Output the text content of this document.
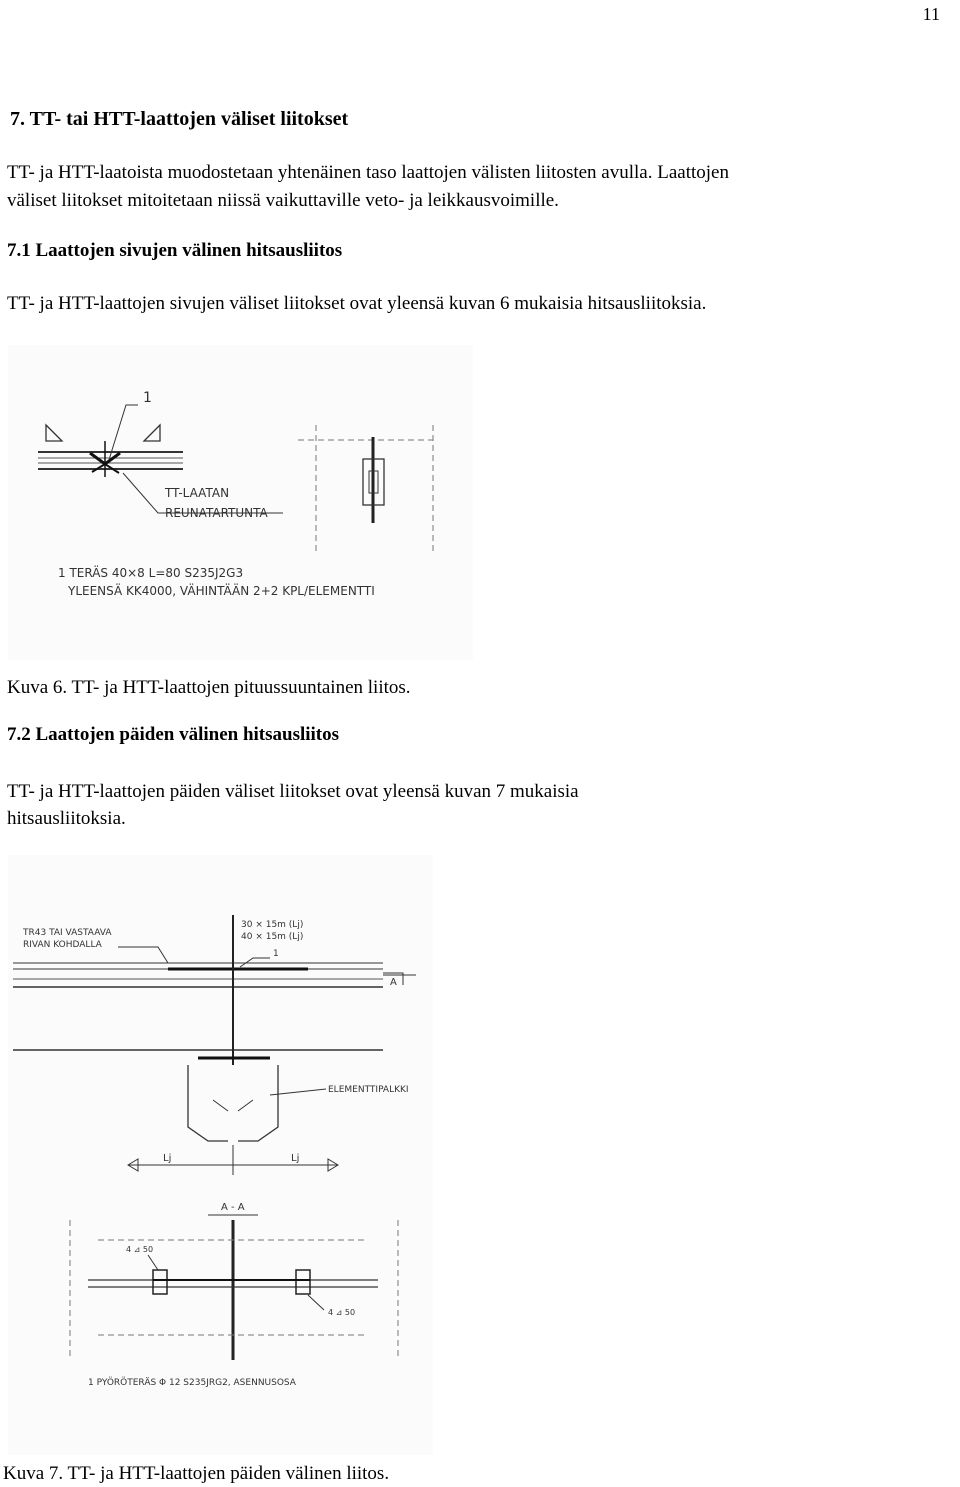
11
7. TT- tai HTT-laattojen väliset liitokset
TT- ja HTT-laatoista muodostetaan yhtenäinen taso laattojen välisten liitosten avulla. Laattojen
väliset liitokset mitoitetaan niissä vaikuttaville veto- ja leikkausvoimille.
7.1 Laattojen sivujen välinen hitsausliitos
TT- ja HTT-laattojen sivujen väliset liitokset ovat yleensä kuvan 6 mukaisia hitsausliitoksia.
1
TT-LAATAN
REUNATARTUNTA
1 TERÄS 40×8 L=80 S235J2G3
YLEENSÄ KK4000, VÄHINTÄÄN 2+2 KPL/ELEMENTTI
Kuva 6. TT- ja HTT-laattojen pituussuuntainen liitos.
7.2 Laattojen päiden välinen hitsausliitos
TT- ja HTT-laattojen päiden väliset liitokset ovat yleensä kuvan 7 mukaisia
hitsausliitoksia.
TR43 TAI VASTAAVA
RIVAN KOHDALLA
30 × 15m (Lj)
40 × 15m (Lj)
1
A
ELEMENTTIPALKKI
Lj	Lj
A - A
4 ⊿ 50
4 ⊿ 50
1 PYÖRÖTERÄS Φ 12 S235JRG2, ASENNUSOSA
Kuva 7. TT- ja HTT-laattojen päiden välinen liitos.
